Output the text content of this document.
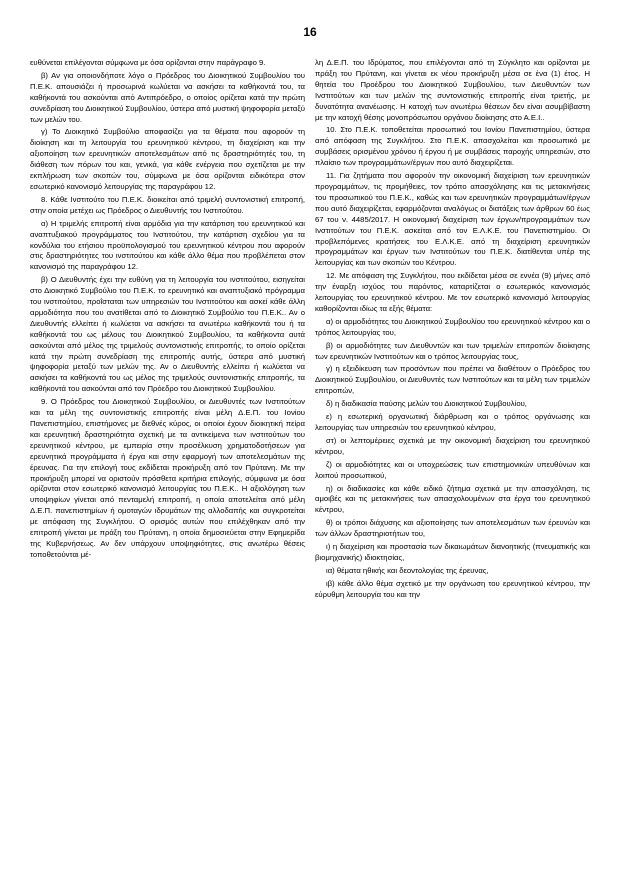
16

ευθύνεται επιλέγονται σύμφωνα με όσα ορίζονται στην παράγραφο 9.

β) Αν για οποιονδήποτε λόγο ο Πρόεδρος του Διοικητικού Συμβουλίου του Π.Ε.Κ. απουσιάζει ή προσωρινά κωλύεται να ασκήσει τα καθήκοντά του, τα καθήκοντά του ασκούνται από Αντιπρόεδρο, ο οποίος ορίζεται κατά την πρώτη συνεδρίαση του Διοικητικού Συμβουλίου, ύστερα από μυστική ψηφοφορία μεταξύ των μελών του.

γ) Το Διοικητικό Συμβούλιο αποφασίζει για τα θέματα που αφορούν τη διοίκηση και τη λειτουργία του ερευνητικού κέντρου, τη διαχείριση και την αξιοποίηση των ερευνητικών αποτελεσμάτων από τις δραστηριότητές του, τη διάθεση των πόρων του και, γενικά, για κάθε ενέργεια που σχετίζεται με την εκπλήρωση των σκοπών του, σύμφωνα με όσα ορίζονται ειδικότερα στον εσωτερικό κανονισμό λειτουργίας της παραγράφου 12.

8. Κάθε Ινστιτούτο του Π.Ε.Κ. διοικείται από τριμελή συντονιστική επιτροπή, στην οποία μετέχει ως Πρόεδρος ο Διευθυντής του Ινστιτούτου.

α) Η τριμελής επιτροπή είναι αρμόδια για την κατάρτιση του ερευνητικού και αναπτυξιακού προγράμματος του Ινστιτούτου, την κατάρτιση σχεδίου για τα κονδύλια του ετήσιου προϋπολογισμού του ερευνητικού κέντρου που αφορούν στις δραστηριότητες του ινστιτούτου και κάθε άλλο θέμα που προβλέπεται στον κανονισμό της παραγράφου 12.

β) Ο Διευθυντής έχει την ευθύνη για τη λειτουργία του ινστιτούτου, εισηγείται στο Διοικητικό Συμβούλιο του Π.Ε.Κ. το ερευνητικό και αναπτυξιακό πρόγραμμα του ινστιτούτου, προΐσταται των υπηρεσιών του Ινστιτούτου και ασκεί κάθε άλλη αρμοδιότητα που του ανατίθεται από το Διοικητικό Συμβούλιο του Π.Ε.Κ.. Αν ο Διευθυντής ελλείπει ή κωλύεται να ασκήσει τα ανωτέρω καθήκοντά του ή τα καθήκοντά του ως μέλους του Διοικητικού Συμβουλίου, τα καθήκοντα αυτά ασκούνται από μέλος της τριμελούς συντονιστικής επιτροπής, το οποίο ορίζεται κατά την πρώτη συνεδρίαση της επιτροπής αυτής, ύστερα από μυστική ψηφοφορία μεταξύ των μελών της. Αν ο Διευθυντής ελλείπει ή κωλύεται να ασκήσει τα καθήκοντά του ως μέλος της τριμελούς συντονιστικής επιτροπής, τα καθήκοντά του ασκούνται από τον Πρόεδρο του Διοικητικού Συμβουλίου.

9. Ο Πρόεδρος του Διοικητικού Συμβουλίου, οι Διευθυντές των Ινστιτούτων και τα μέλη της συντονιστικής επιτροπής είναι μέλη Δ.Ε.Π. του Ιονίου Πανεπιστημίου, επιστήμονες με διεθνές κύρος, οι οποίοι έχουν διοικητική πείρα και ερευνητική δραστηριότητα σχετική με τα αντικείμενα των ινστιτούτων του ερευνητικού κέντρου, με εμπειρία στην προσέλκυση χρηματοδοτήσεων για ερευνητικά προγράμματα ή έργα και στην εφαρμογή των αποτελεσμάτων της έρευνας. Για την επιλογή τους εκδίδεται προκήρυξη από τον Πρύτανη. Με την προκήρυξη μπορεί να οριστούν πρόσθετα κριτήρια επιλογής, σύμφωνα με όσα ορίζονται στον εσωτερικό κανονισμό λειτουργίας του Π.Ε.Κ.. Η αξιολόγηση των υποψηφίων γίνεται από πενταμελή επιτροπή, η οποία αποτελείται από μέλη Δ.Ε.Π. πανεπιστημίων ή ομοταγών ιδρυμάτων της αλλοδαπής και συγκροτείται με απόφαση της Συγκλήτου. Ο ορισμός αυτών που επιλέχθηκαν από την επιτροπή γίνεται με πράξη του Πρύτανη, η οποία δημοσιεύεται στην Εφημερίδα της Κυβερνήσεως. Αν δεν υπάρχουν υποψηφιότητες, στις ανωτέρω θέσεις τοποθετούνται μέ-

λη Δ.Ε.Π. του Ιδρύματος, που επιλέγονται από τη Σύγκλητο και ορίζονται με πράξη του Πρύτανη, και γίνεται εκ νέου προκήρυξη μέσα σε ένα (1) έτος. Η θητεία του Προέδρου του Διοικητικού Συμβουλίου, των Διευθυντών των Ινστιτούτων και των μελών της συντονιστικής επιτροπής είναι τριετής, με δυνατότητα ανανέωσης. Η κατοχή των ανωτέρω θέσεων δεν είναι ασυμβίβαστη με την κατοχή θέσης μονοπρόσωπου οργάνου διοίκησης στο Α.Ε.Ι..

10. Στο Π.Ε.Κ. τοποθετείται προσωπικό του Ιονίου Πανεπιστημίου, ύστερα από απόφαση της Συγκλήτου. Στο Π.Ε.Κ. απασχολείται και προσωπικό με συμβάσεις ορισμένου χρόνου ή έργου ή με συμβάσεις παροχής υπηρεσιών, στο πλαίσιο των προγραμμάτων/έργων που αυτό διαχειρίζεται.

11. Για ζητήματα που αφορούν την οικονομική διαχείριση των ερευνητικών προγραμμάτων, τις προμήθειες, τον τρόπο απασχόλησης και τις μετακινήσεις του προσωπικού του Π.Ε.Κ., καθώς και των ερευνητικών προγραμμάτων/έργων που αυτό διαχειρίζεται, εφαρμόζονται αναλόγως οι διατάξεις των άρθρων 60 έως 67 του ν. 4485/2017. Η οικονομική διαχείριση των έργων/προγραμμάτων των Ινστιτούτων του Π.Ε.Κ. ασκείται από τον Ε.Λ.Κ.Ε. του Πανεπιστημίου. Οι προβλεπόμενες κρατήσεις του Ε.Λ.Κ.Ε. από τη διαχείριση ερευνητικών προγραμμάτων και έργων των Ινστιτούτων του Π.Ε.Κ. διατίθενται υπέρ της λειτουργίας και των σκοπών του Κέντρου.

12. Με απόφαση της Συγκλήτου, που εκδίδεται μέσα σε εννέα (9) μήνες από την έναρξη ισχύος του παρόντος, καταρτίζεται ο εσωτερικός κανονισμός λειτουργίας του ερευνητικού κέντρου. Με τον εσωτερικό κανονισμό λειτουργίας καθορίζονται ιδίως τα εξής θέματα:

α) οι αρμοδιότητες του Διοικητικού Συμβουλίου του ερευνητικού κέντρου και ο τρόπος λειτουργίας του,

β) οι αρμοδιότητες των Διευθυντών και των τριμελών επιτροπών διοίκησης των ερευνητικών Ινστιτούτων και ο τρόπος λειτουργίας τους,

γ) η εξειδίκευση των προσόντων που πρέπει να διαθέτουν ο Πρόεδρος του Διοικητικού Συμβουλίου, οι Διευθυντές των Ινστιτούτων και τα μέλη των τριμελών επιτροπών,

δ) η διαδικασία παύσης μελών του Διοικητικού Συμβουλίου,

ε) η εσωτερική οργανωτική διάρθρωση και ο τρόπος οργάνωσης και λειτουργίας των υπηρεσιών του ερευνητικού κέντρου,

στ) οι λεπτομέρειες σχετικά με την οικονομική διαχείριση του ερευνητικού κέντρου,

ζ) οι αρμοδιότητες και οι υποχρεώσεις των επιστημονικών υπευθύνων και λοιπού προσωπικού,

η) οι διαδικασίες και κάθε ειδικό ζήτημα σχετικά με την απασχόληση, τις αμοιβές και τις μετακινήσεις των απασχολουμένων στα έργα του ερευνητικού κέντρου,

θ) οι τρόποι διάχυσης και αξιοποίησης των αποτελεσμάτων των έρευνών και των άλλων δραστηριοτήτων του,

ι) η διαχείριση και προστασία των δικαιωμάτων διανοητικής (πνευματικής και βιομηχανικής) ιδιοκτησίας,

ια) θέματα ηθικής και δεοντολογίας της έρευνας,

ιβ) κάθε άλλο θέμα σχετικό με την οργάνωση του ερευνητικού κέντρου, την εύρυθμη λειτουργία του και την
